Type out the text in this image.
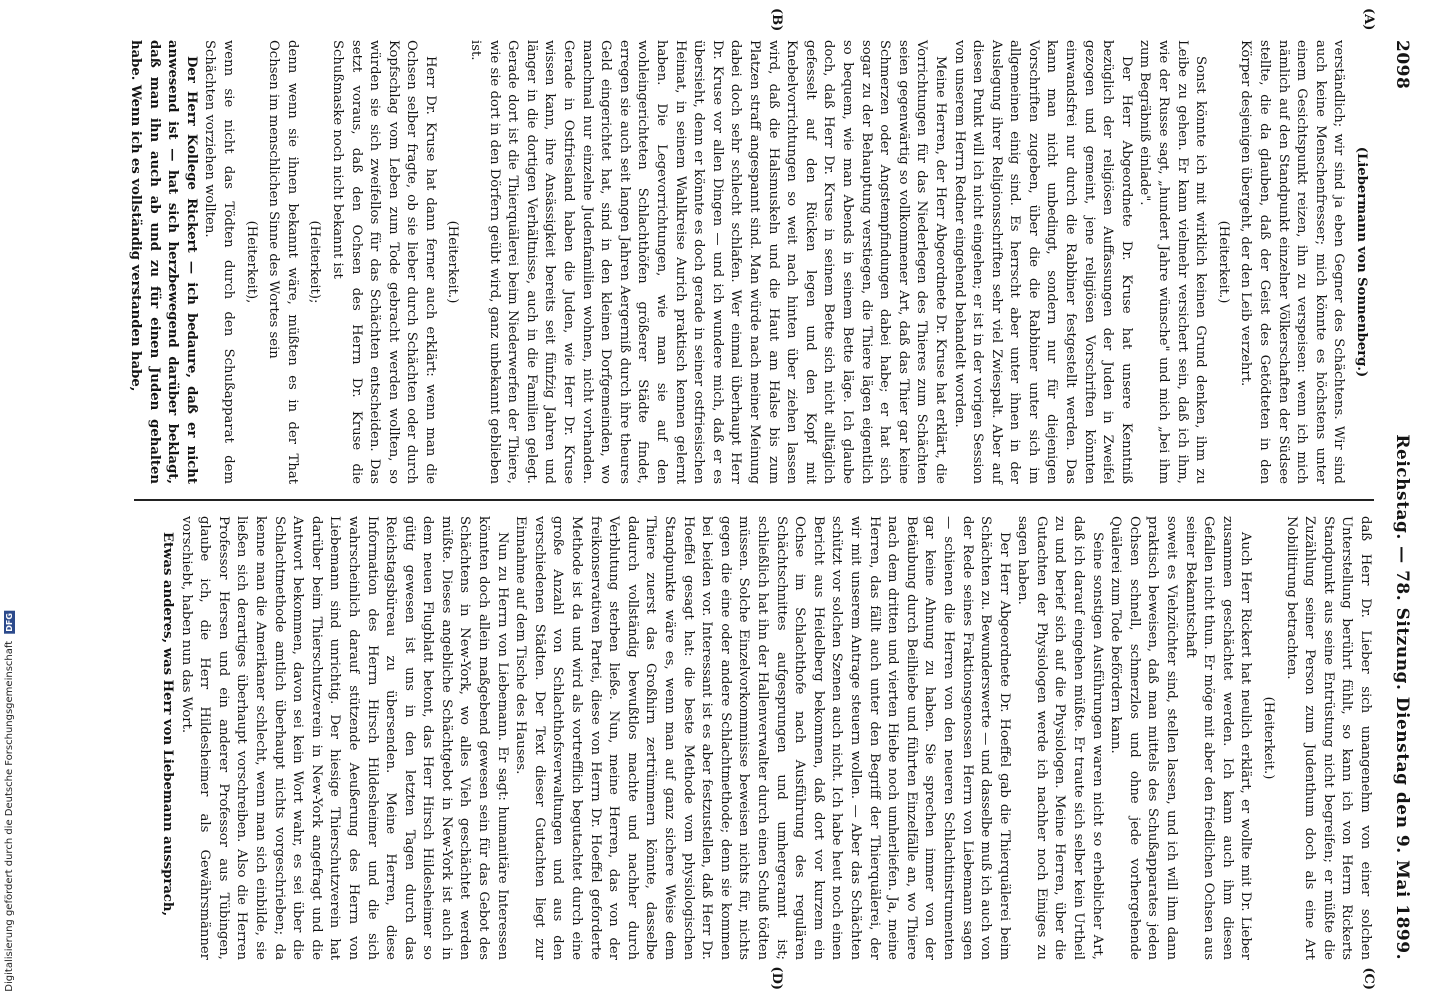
2098
Reichstag. — 78. Sitzung. Dienstag den 9. Mai 1899.

(Liebermann von Sonnenberg.)

verständlich; wir sind ja eben Gegner des Schächtens. Wir sind auch keine Menschenfresser; mich könnte es höchstens unter einem Gesichtspunkt reizen, ihn zu verspeisen: wenn ich mich nämlich auf den Standpunkt einzelner Völkerschaften der Südsee stellte, die da glauben, daß der Geist des Getödteten in den Körper desjenigen übergeht, der den Leib verzehrt.

(Heiterkeit.)

Sonst könnte ich mit wirklich keinen Grund denken, ihm zu Leibe zu gehen. Er kann vielmehr versichert sein, daß ich ihm, wie der Russe sagt, „hundert Jahre wünsche" und mich „bei ihm zum Begräbniß einlade".

Der Herr Abgeordnete Dr. Kruse hat unsere Kenntniß bezüglich der religiösen Auffassungen der Juden in Zweifel gezogen und gemeint, jene religiösen Vorschriften könnten einwandsfrei nur durch die Rabbiner festgestellt werden. Das kann man nicht unbedingt, sondern nur für diejenigen Vorschriften zugeben, über die die Rabbiner unter sich im allgemeinen einig sind. Es herrscht aber unter ihnen in der Auslegung ihrer Religionsschriften sehr viel Zwiespalt. Aber auf diesen Punkt will ich nicht eingehen; er ist in der vorigen Session von unserem Herrn Redner eingehend behandelt worden.

Meine Herren, der Herr Abgeordnete Dr. Kruse hat erklärt, die Vorrichtungen für das Niederlegen des Thieres zum Schächten seien gegenwärtig so vollkommener Art, daß das Thier gar keine Schmerzen oder Angstempfindungen dabei habe; er hat sich sogar zu der Behauptung verstiegen, die Thiere lägen eigentlich so bequem, wie man Abends in seinem Bette läge. Ich glaube doch, daß Herr Dr. Kruse in seinem Bette sich nicht alltäglich gefesselt auf den Rücken legen und den Kopf mit Knebelvorrichtungen so weit nach hinten über ziehen lassen wird, daß die Halsmuskeln und die Haut am Halse bis zum Platzen straff angespannt sind. Man würde nach meiner Meinung dabei doch sehr schlecht schlafen. Wer einmal überhaupt Herr Dr. Kruse vor allen Dingen — und ich wundere mich, daß er es übersieht, denn er könnte es doch gerade in seiner ostfriesischen Heimat, in seinem Wahlkreise Aurich praktisch kennen gelernt haben. Die Legevorrichtungen, wie man sie auf den wohleingerichteten Schlachthöfen größerer Städte findet, erregen sie auch seit langen Jahren Aergerniß durch ihre theures Geld eingerichtet hat, sind in den kleinen Dorfgemeinden, wo manchmal nur einzelne Judenfamilien wohnen, nicht vorhanden. Gerade in Ostfriesland haben die Juden, wie Herr Dr. Kruse wissen kann, ihre Ansässigkeit bereits seit fünfzig Jahren und länger in die dortigen Verhältnisse, auch in die Familien gelegt. Gerade dort ist die Thierquälerei beim Niederwerfen der Thiere, wie sie dort in den Dörfern geübt wird, ganz unbekannt geblieben ist.

(Heiterkeit.)

Herr Dr. Kruse hat dann ferner auch erklärt: wenn man die Ochsen selber fragte, ob sie lieber durch Schächten oder durch Kopfschlag vom Leben zum Tode gebracht werden wollten, so würden sie sich zweifellos für das Schächten entscheiden. Das setzt voraus, daß den Ochsen des Herrn Dr. Kruse die Schußmaske noch nicht bekannt ist

(Heiterkeit);

denn wenn sie ihnen bekannt wäre, müßten es in der That Ochsen im menschlichen Sinne des Wortes sein

(Heiterkeit),

wenn sie nicht das Tödten durch den Schußapparat dem Schächten vorziehen wollten.

Der Herr Kollege Rickert — ich bedaure, daß er nicht anwesend ist — hat sich herzbewegend darüber beklagt, daß man ihn auch ab und zu für einen Juden gehalten habe. Wenn ich es vollständig verstanden habe,

daß Herr Dr. Lieber sich unangenehm von einer solchen Unterstellung berührt fühlt, so kann ich von Herrn Rickerts Standpunkt aus seine Entrüstung nicht begreifen; er müßte die Zuzählung seiner Person zum Judenthum doch als eine Art Nobilitirung betrachten.

(Heiterkeit.)

Auch Herr Rickert hat neulich erklärt, er wollte mit Dr. Lieber zusammen geschächtet werden. Ich kann auch ihm diesen Gefallen nicht thun. Er möge mit aber den friedlichen Ochsen aus seiner Bekanntschaft

soweit es Viehzüchter sind, stellen lassen, und ich will ihm dann praktisch beweisen, daß man mittels des Schußapparates jeden Ochsen schnell, schmerzlos und ohne jede vorhergehende Quälerei zum Tode befördern kann.

Seine sonstigen Ausführungen waren nicht so erheblicher Art, daß ich darauf eingehen müßte. Er traute sich selber kein Urtheil zu und berief sich auf die Physiologen. Meine Herren, über die Gutachten der Physiologen werde ich nachher noch Einiges zu sagen haben.

Der Herr Abgeordnete Dr. Hoeffel gab die Thierquälerei beim Schächten zu. Bewunderswerte — und dasselbe muß ich auch von der Rede seines Fraktionsgenossen Herrn von Liebemann sagen — schienen die Herren von den neueren Schlachtinstrumenten gar keine Ahnung zu haben. Sie sprechen immer von der Betäubung durch Beilhiebe und führten Einzelfälle an, wo Thiere nach dem dritten und vierten Hiebe noch umherliefen. Ja, meine Herren, das fällt auch unter den Begriff der Thierquälerei, der wir mit unserem Antrage steuern wollen. — Aber das Schächten schützt vor solchen Szenen auch nicht. Ich habe heut noch einen Bericht aus Heidelberg bekommen, daß dort vor kurzem ein Ochse im Schlachthofe nach Ausführung des regulären Schächtschnittes aufgesprungen und umhergerannt ist; schließlich hat ihn der Hallenverwalter durch einen Schuß tödten müssen. Solche Einzelvorkommnisse beweisen nichts für, nichts gegen die eine oder andere Schlachtmethode; denn sie kommen bei beiden vor. Interessant ist es aber festzustellen, daß Herr Dr. Hoeffel gesagt hat: die beste Methode vom physiologischen Standpunkte wäre es, wenn man auf ganz sichere Weise dem Thiere zuerst das Großhirn zertrümmern könnte, dasselbe dadurch vollständig bewußtlos machte und nachher durch Verblutung sterben ließe. Nun, meine Herren, das von der freikonservativen Partei, diese von Herrn Dr. Hoeffel geforderte Methode ist da und wird als vortrefflich begutachtet durch eine große Anzahl von Schlachthofsverwaltungen und aus den verschiedenen Städten. Der Text dieser Gutachten liegt zur Einnahme auf dem Tische des Hauses.

Nun zu Herrn von Liebemann. Er sagt: humanitäre Interessen könnten doch allein maßgebend gewesen sein für das Gebot des Schächtens in New-York, wo alles Vieh geschächtet werden müßte. Dieses angebliche Schächtgebot in New-York ist auch in dem neuen Flugblatt betont, das Herr Hirsch Hildesheimer so gütig gewesen ist uns in den letzten Tagen durch das Reichstagsbüreau zu übersenden. Meine Herren, diese Information des Herrn Hirsch Hildesheimer und die sich wahrscheinlich darauf stützende Aeußerung des Herrn von Liebemann sind unrichtig. Der hiesige Thierschutzverein hat darüber beim Thierschutzverein in New-York angefragt und die Antwort bekommen, davon sei kein Wort wahr, es sei über die Schlachtmethode amtlich überhaupt nichts vorgeschrieben; da kenne man die Amerikaner schlecht, wenn man sich einbilde, sie ließen sich derartiges überhaupt vorschreiben. Also die Herren Professor Hersen und ein anderer Professor aus Tübingen, glaube ich, die Herr Hildesheimer als Gewährsmänner vorschiebt, haben nun das Wort.

Etwas anderes, was Herr von Liebemann aussprach,

(A)
(B)
(C)
(D)
Digitalisierung gefördert durch die Deutsche Forschungsgemeinschaft DFG
